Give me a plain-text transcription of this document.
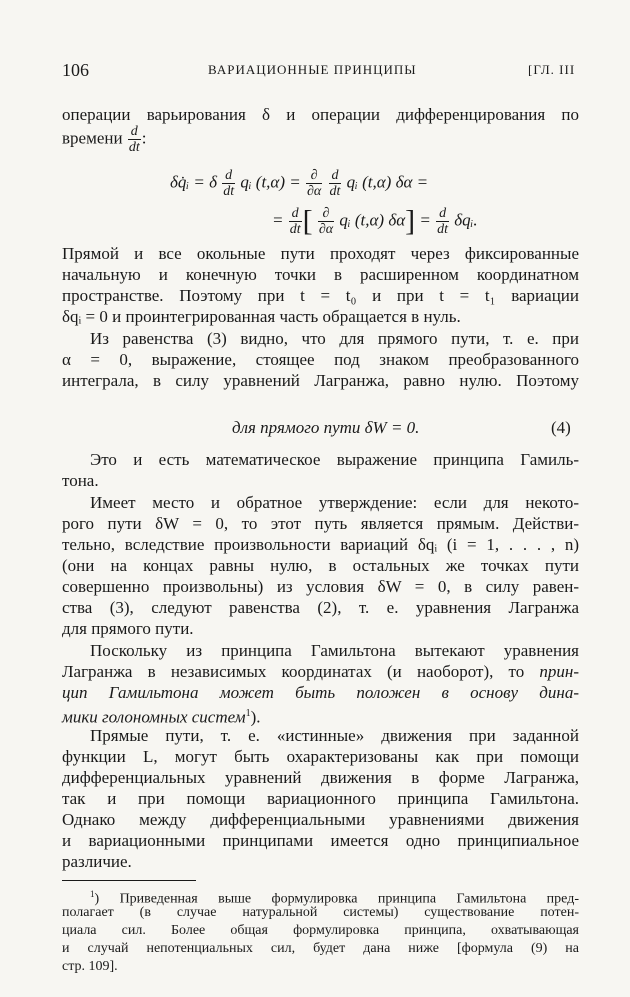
106	ВАРИАЦИОННЫЕ ПРИНЦИПЫ	[ГЛ. III
операции варьирования δ и операции дифференцирования по
времени $\frac{d}{dt}$ :
δq̇ᵢ = δ $\frac{d}{dt}$ qᵢ $(t,\alpha) = \frac{\partial}{\partial\alpha}$
$\frac{d}{dt}$ qᵢ (t,α) δα =
= $\frac{d}{dt}$ [ $\frac{\partial}{\partial\alpha}$ qᵢ (t,α) $\delta\alpha] = \frac{d}{dt}$ δqᵢ.
Прямой и все окольные пути проходят через фиксированные
начальную и конечную точки в расширенном координатном
пространстве. Поэтому при t = t₀ и при t = t₁ вариации
δqᵢ = 0 и проинтегрированная часть обращается в нуль.
Из равенства (3) видно, что для прямого пути, т. е. при
α = 0, выражение, стоящее под знаком преобразованного
интеграла, в силу уравнений Лагранжа, равно нулю. Поэтому
для прямого пути δW = 0.	(4)
Это и есть математическое выражение принципа Гамиль-
тона.
Имеет место и обратное утверждение: если для некото-
рого пути δW = 0, то этот путь является прямым. Действи-
тельно, вследствие произвольности вариаций δqᵢ (i = 1, . . . , n)
(они на концах равны нулю, в остальных же точках пути
совершенно произвольны) из условия δW = 0, в силу равен-
ства (3), следуют равенства (2), т. е. уравнения Лагранжа
для прямого пути.
Поскольку из принципа Гамильтона вытекают уравнения
Лагранжа в независимых координатах (и наоборот), то прин-
цип Гамильтона может быть положен в основу дина-
мики голономных систем$^1$).
Прямые пути, т. е. «истинные» движения при заданной
функции L, могут быть охарактеризованы как при помощи
дифференциальных уравнений движения в форме Лагранжа,
так и при помощи вариационного принципа Гамильтона.
Однако между дифференциальными уравнениями движения
и вариационными принципами имеется одно принципиальное
различие.
$^1$) Приведенная выше формулировка принципа Гамильтона пред-
полагает (в случае натуральной системы) существование потен-
циала сил. Более общая формулировка принципа, охватывающая
и случай непотенциальных сил, будет дана ниже [формула (9) на
стр. 109].
